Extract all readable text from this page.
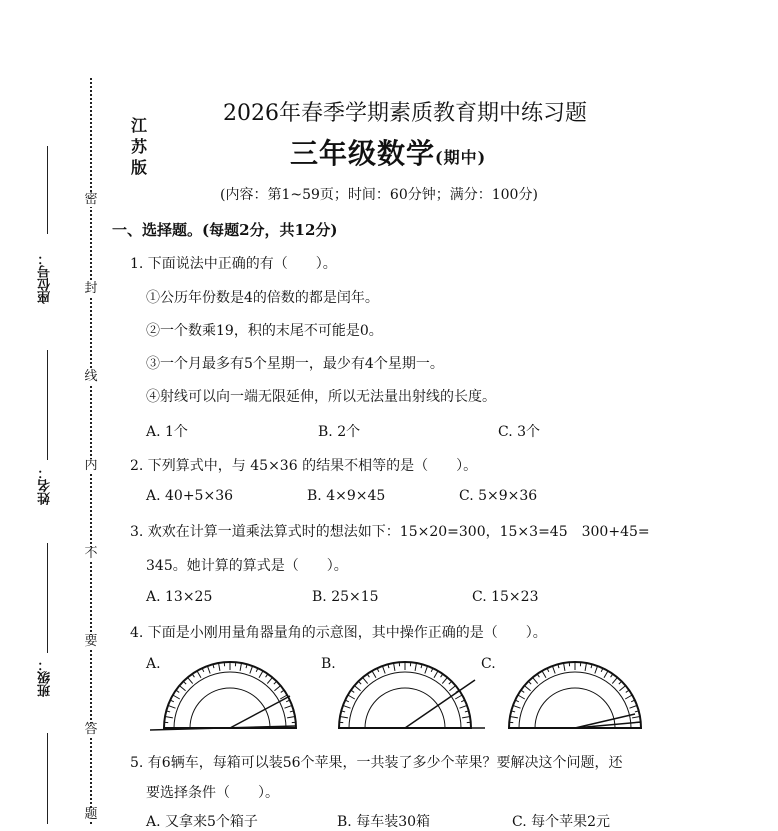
密
封
线
内
不
要
答
题
座位号：
姓名：
班级：
江
苏
版
2026年春季学期素质教育期中练习题
三年级数学(期中)
(内容：第1~59页；时间：60分钟；满分：100分)
一、选择题。(每题2分，共12分)
1. 下面说法中正确的有（　　）。
①公历年份数是4的倍数的都是闰年。
②一个数乘19，积的末尾不可能是0。
③一个月最多有5个星期一，最少有4个星期一。
④射线可以向一端无限延伸，所以无法量出射线的长度。
A. 1个	B. 2个	C. 3个
2. 下列算式中，与 45×36 的结果不相等的是（　　）。
A. 40+5×36	B. 4×9×45	C. 5×9×36
3. 欢欢在计算一道乘法算式时的想法如下：15×20=300，15×3=45　300+45=
345。她计算的算式是（　　）。
A. 13×25	B. 25×15	C. 15×23
4. 下面是小刚用量角器量角的示意图，其中操作正确的是（　　）。
A.	B.	C.
5. 有6辆车，每箱可以装56个苹果，一共装了多少个苹果？要解决这个问题，还
要选择条件（　　）。
A. 又拿来5个箱子	B. 每车装30箱	C. 每个苹果2元
